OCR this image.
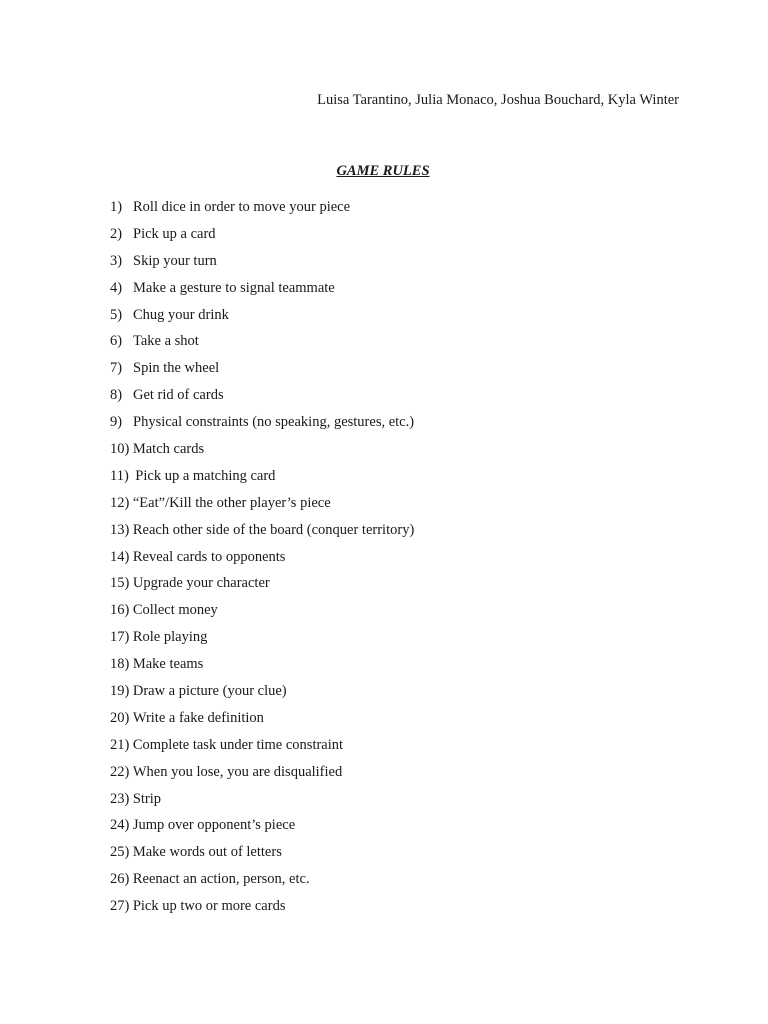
Luisa Tarantino, Julia Monaco, Joshua Bouchard, Kyla Winter
GAME RULES
1) Roll dice in order to move your piece
2) Pick up a card
3) Skip your turn
4) Make a gesture to signal teammate
5) Chug your drink
6) Take a shot
7) Spin the wheel
8) Get rid of cards
9) Physical constraints (no speaking, gestures, etc.)
10) Match cards
11) Pick up a matching card
12) “Eat”/Kill the other player’s piece
13) Reach other side of the board (conquer territory)
14) Reveal cards to opponents
15) Upgrade your character
16) Collect money
17) Role playing
18) Make teams
19) Draw a picture (your clue)
20) Write a fake definition
21) Complete task under time constraint
22) When you lose, you are disqualified
23) Strip
24) Jump over opponent’s piece
25) Make words out of letters
26) Reenact an action, person, etc.
27) Pick up two or more cards
